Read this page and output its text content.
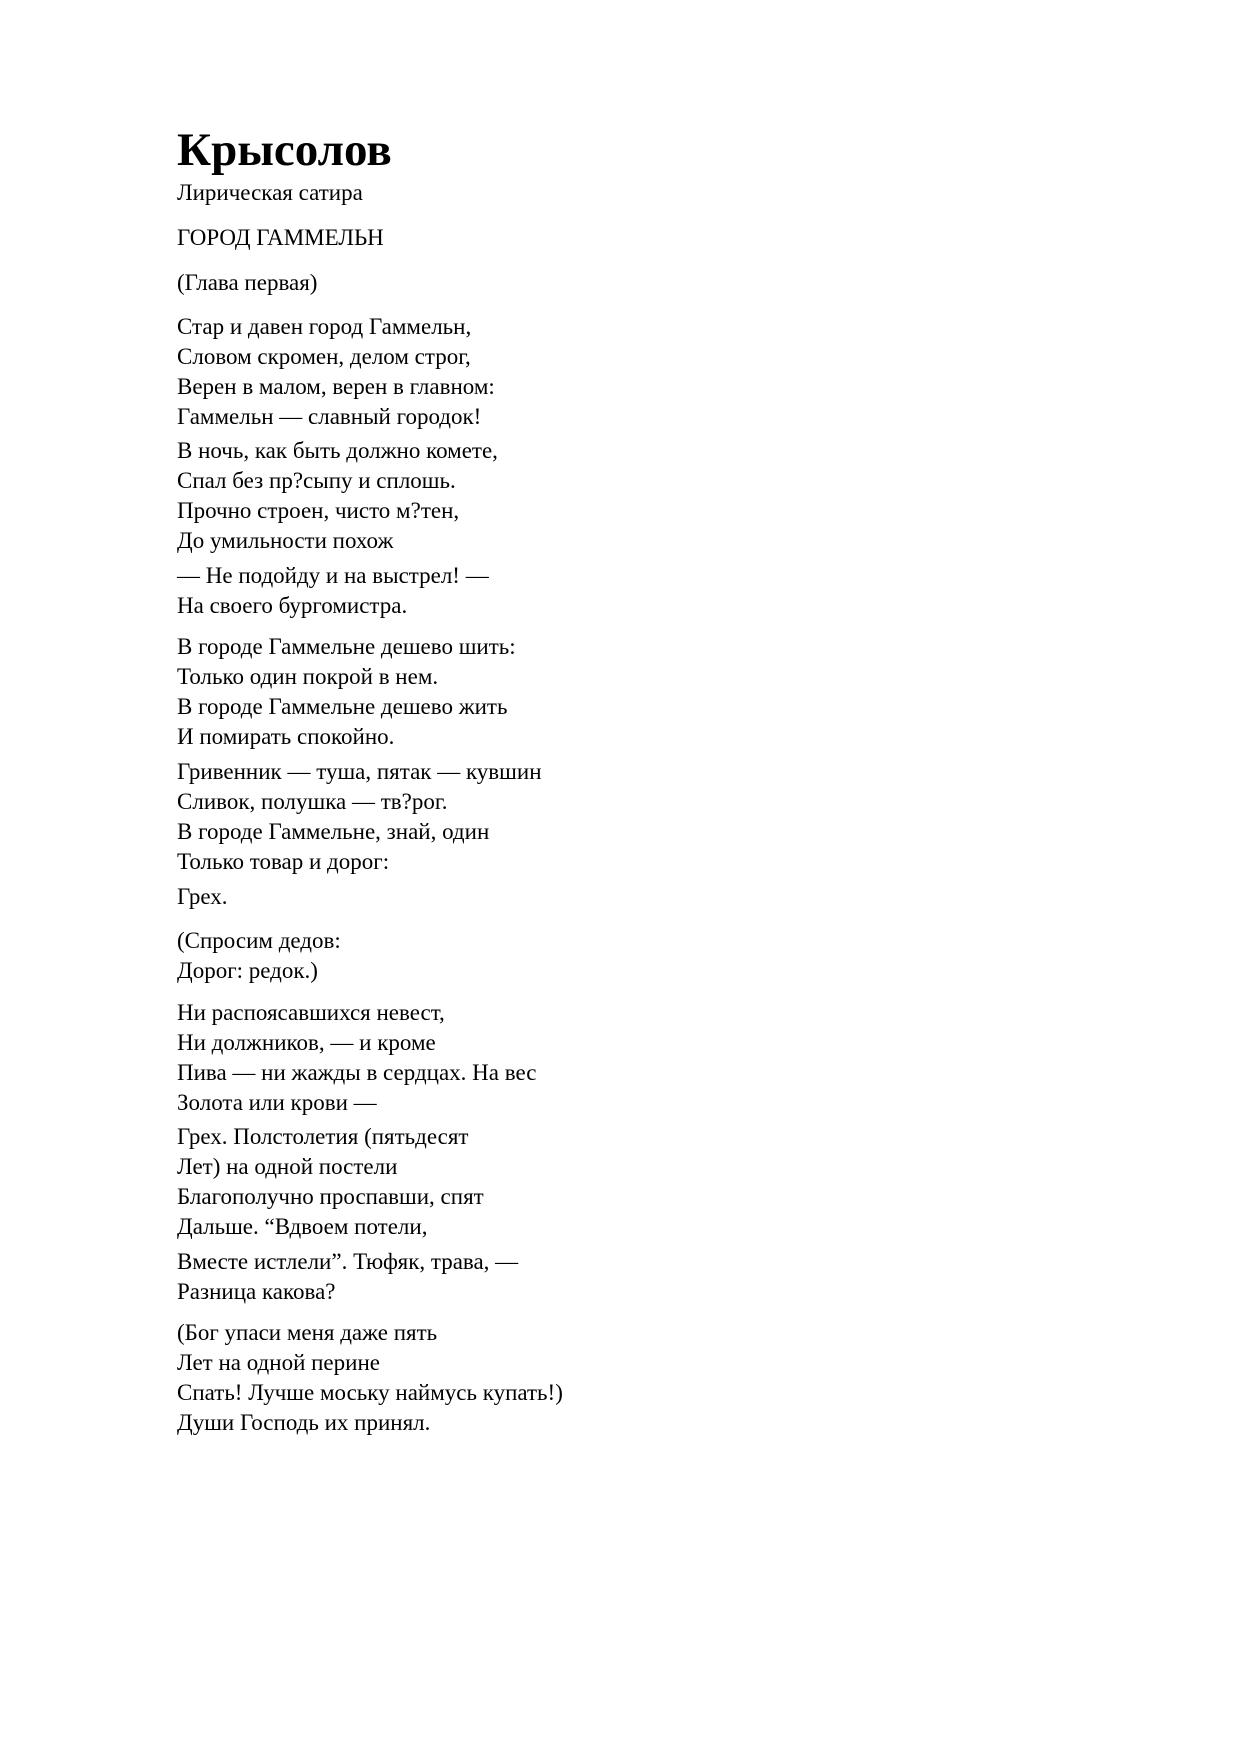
Крысолов

Лирическая сатира

ГОРОД ГАММЕЛЬН

(Глава первая)

Стар и давен город Гаммельн,
Словом скромен, делом строг,
Верен в малом, верен в главном:
Гаммельн — славный городок!
В ночь, как быть должно комете,
Спал без пр?сыпу и сплошь.
Прочно строен, чисто м?тен,
До умильности похож
— Не подойду и на выстрел! —
На своего бургомистра.
В городе Гаммельне дешево шить:
Только один покрой в нем.
В городе Гаммельне дешево жить
И помирать спокойно.
Гривенник — туша, пятак — кувшин
Сливок, полушка — тв?рог.
В городе Гаммельне, знай, один
Только товар и дорог:
Грех.
(Спросим дедов:
Дорог: редок.)
Ни распоясавшихся невест,
Ни должников, — и кроме
Пива — ни жажды в сердцах. На вес
Золота или крови —
Грех. Полстолетия (пятьдесят
Лет) на одной постели
Благополучно проспавши, спят
Дальше. “Вдвоем потели,
Вместе истлели”. Тюфяк, трава, —
Разница какова?
(Бог упаси меня даже пять
Лет на одной перине
Спать! Лучше моську наймусь купать!)
Души Господь их принял.
